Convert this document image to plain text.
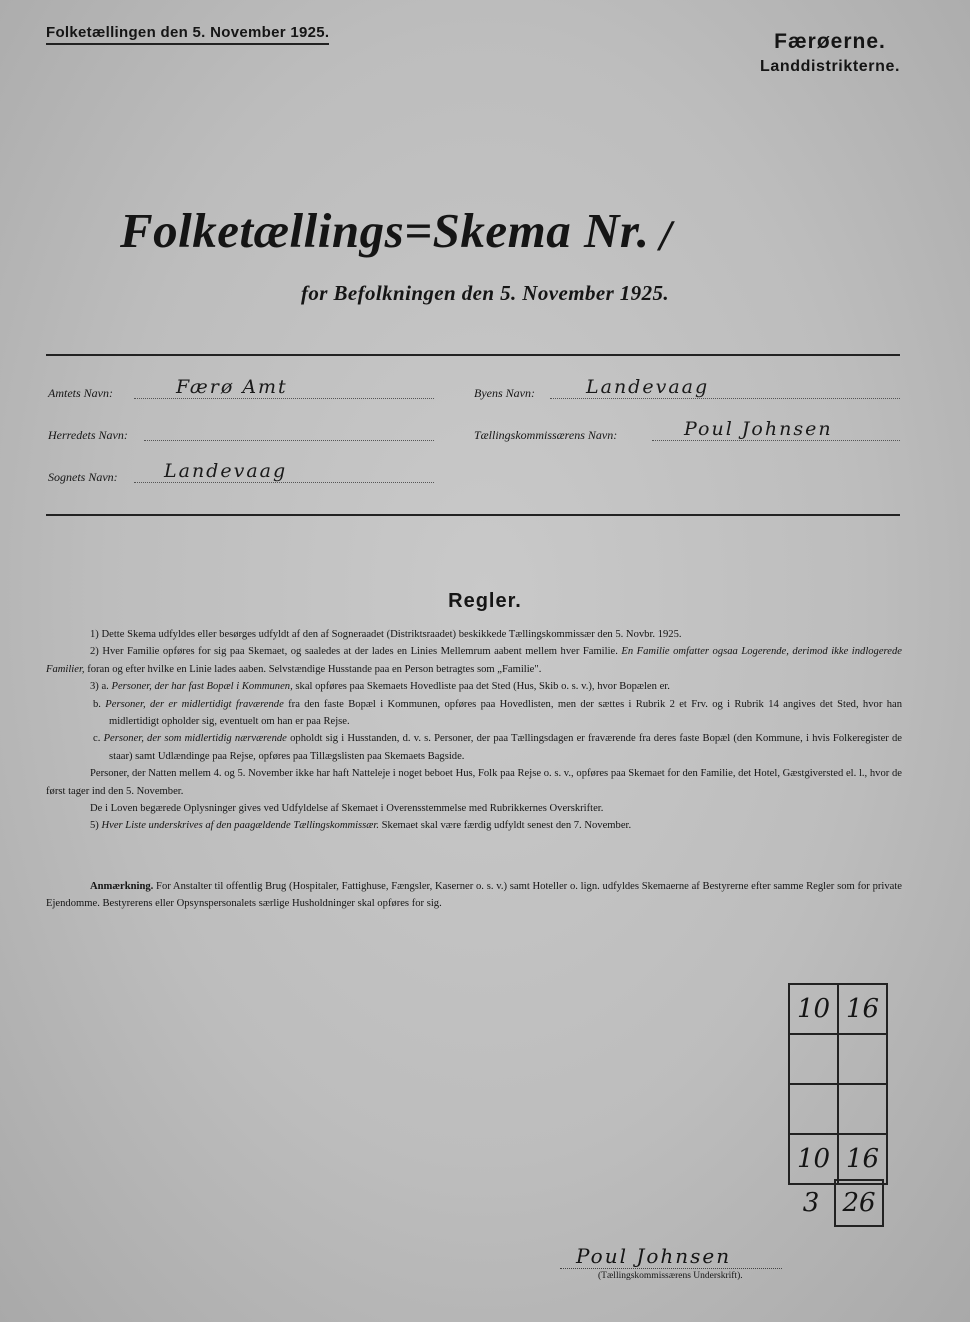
Folketællingen den 5. November 1925.	Færøerne.
Landdistrikterne.
Folketællings=Skema Nr. /
for Befolkningen den 5. November 1925.
Amtets Navn:	Færø Amt	Byens Navn:	Landevaag
Herredets Navn:	Tællingskommissærens Navn:	Poul Johnsen
Sognets Navn: Landevaag
Regler.

1) Dette Skema udfyldes eller besørges udfyldt af den af Sogneraadet (Distriktsraadet) beskikkede Tællingskommissær den 5. Novbr. 1925.

2) Hver Familie opføres for sig paa Skemaet, og saaledes at der lades en Linies Mellemrum aabent mellem hver Familie. En Familie omfatter ogsaa Logerende, derimod ikke indlogerede Familier, foran og efter hvilke en Linie lades aaben. Selvstændige Husstande paa en Person betragtes som „Familie".

3) a. Personer, der har fast Bopæl i Kommunen, skal opføres paa Skemaets Hovedliste paa det Sted (Hus, Skib o. s. v.), hvor Bopælen er.

b. Personer, der er midlertidigt fraværende fra den faste Bopæl i Kommunen, opføres paa Hovedlisten, men der sættes i Rubrik 2 et Frv. og i Rubrik 14 angives det Sted, hvor han midlertidigt opholder sig, eventuelt om han er paa Rejse.

c. Personer, der som midlertidig nærværende opholdt sig i Husstanden, d. v. s. Personer, der paa Tællingsdagen er fraværende fra deres faste Bopæl (den Kommune, i hvis Folkeregister de staar) samt Udlændinge paa Rejse, opføres paa Tillægslisten paa Skemaets Bagside.

Personer, der Natten mellem 4. og 5. November ikke har haft Natteleje i noget beboet Hus, Folk paa Rejse o. s. v., opføres paa Skemaet for den Familie, det Hotel, Gæstgiversted el. l., hvor de først tager ind den 5. November.

De i Loven begærede Oplysninger gives ved Udfyldelse af Skemaet i Overensstemmelse med Rubrikkernes Overskrifter.

5) Hver Liste underskrives af den paagældende Tællingskommissær. Skemaet skal være færdig udfyldt senest den 7. November.

Anmærkning. For Anstalter til offentlig Brug (Hospitaler, Fattighuse, Fængsler, Kaserner o. s. v.) samt Hoteller o. lign. udfyldes Skemaerne af Bestyrerne efter samme Regler som for private Ejendomme. Bestyrerens eller Opsynspersonalets særlige Husholdninger skal opføres for sig.
10 16
10 16
3 26
Poul Johnsen
(Tællingskommissærens Underskrift).
